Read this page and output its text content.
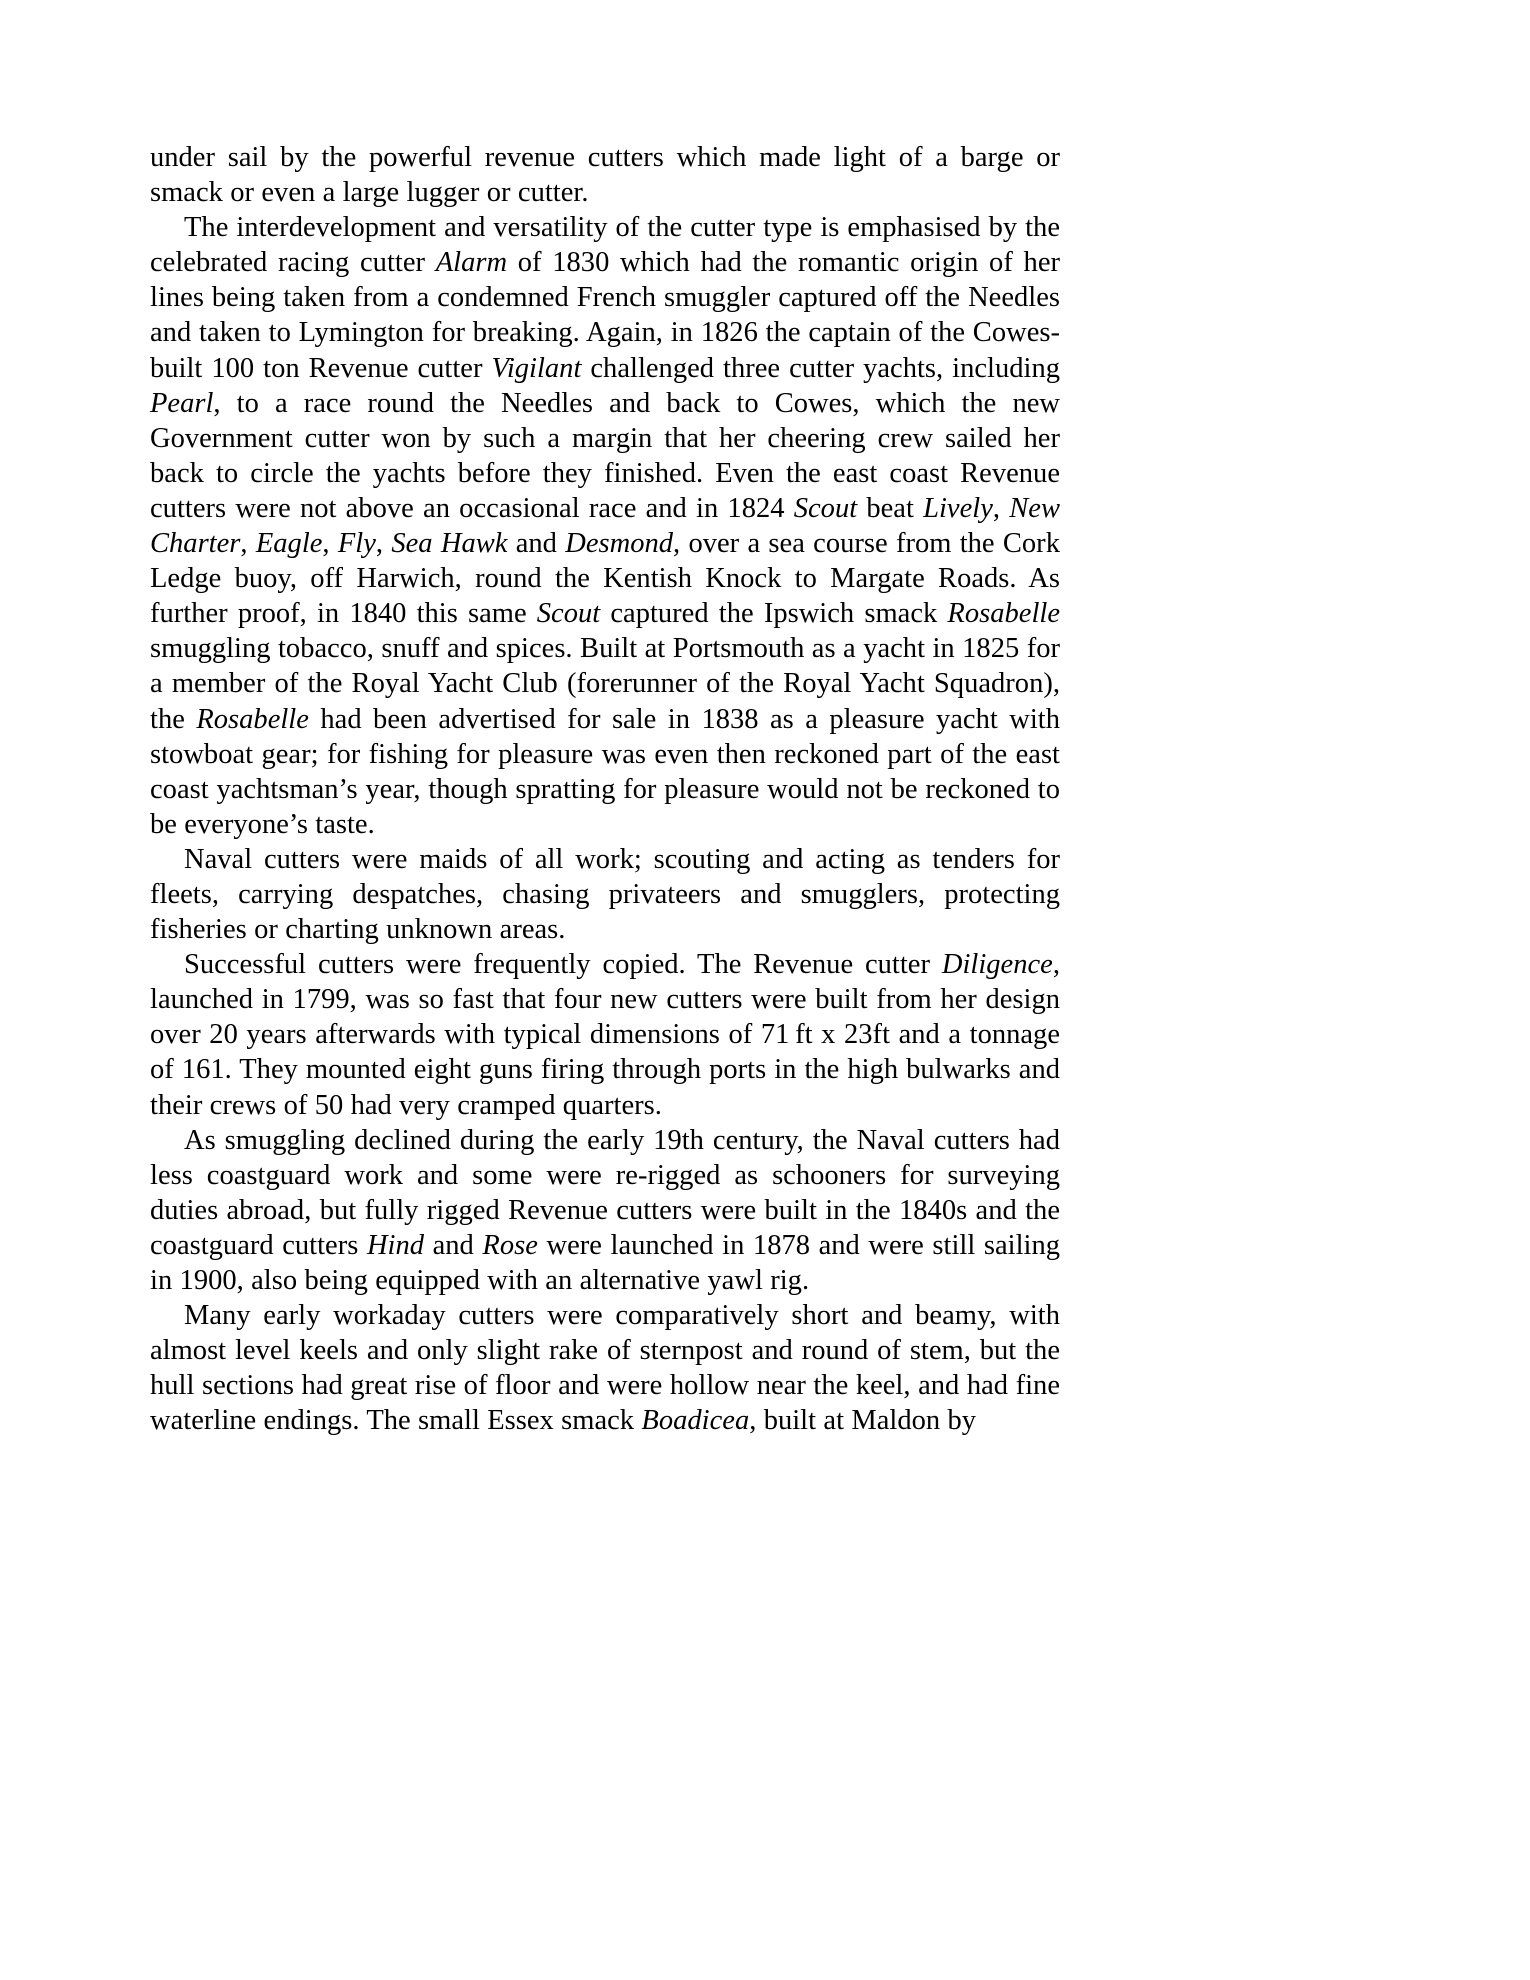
under sail by the powerful revenue cutters which made light of a barge or smack or even a large lugger or cutter.

The interdevelopment and versatility of the cutter type is emphasised by the celebrated racing cutter Alarm of 1830 which had the romantic origin of her lines being taken from a condemned French smuggler captured off the Needles and taken to Lymington for breaking. Again, in 1826 the captain of the Cowes-built 100 ton Revenue cutter Vigilant challenged three cutter yachts, including Pearl, to a race round the Needles and back to Cowes, which the new Government cutter won by such a margin that her cheering crew sailed her back to circle the yachts before they finished. Even the east coast Revenue cutters were not above an occasional race and in 1824 Scout beat Lively, New Charter, Eagle, Fly, Sea Hawk and Desmond, over a sea course from the Cork Ledge buoy, off Harwich, round the Kentish Knock to Margate Roads. As further proof, in 1840 this same Scout captured the Ipswich smack Rosabelle smuggling tobacco, snuff and spices. Built at Portsmouth as a yacht in 1825 for a member of the Royal Yacht Club (forerunner of the Royal Yacht Squadron), the Rosabelle had been advertised for sale in 1838 as a pleasure yacht with stowboat gear; for fishing for pleasure was even then reckoned part of the east coast yachtsman’s year, though spratting for pleasure would not be reckoned to be everyone’s taste.

Naval cutters were maids of all work; scouting and acting as tenders for fleets, carrying despatches, chasing privateers and smugglers, protecting fisheries or charting unknown areas.

Successful cutters were frequently copied. The Revenue cutter Diligence, launched in 1799, was so fast that four new cutters were built from her design over 20 years afterwards with typical dimensions of 71 ft x 23ft and a tonnage of 161. They mounted eight guns firing through ports in the high bulwarks and their crews of 50 had very cramped quarters.

As smuggling declined during the early 19th century, the Naval cutters had less coastguard work and some were re-rigged as schooners for surveying duties abroad, but fully rigged Revenue cutters were built in the 1840s and the coastguard cutters Hind and Rose were launched in 1878 and were still sailing in 1900, also being equipped with an alternative yawl rig.

Many early workaday cutters were comparatively short and beamy, with almost level keels and only slight rake of sternpost and round of stem, but the hull sections had great rise of floor and were hollow near the keel, and had fine waterline endings. The small Essex smack Boadicea, built at Maldon by
